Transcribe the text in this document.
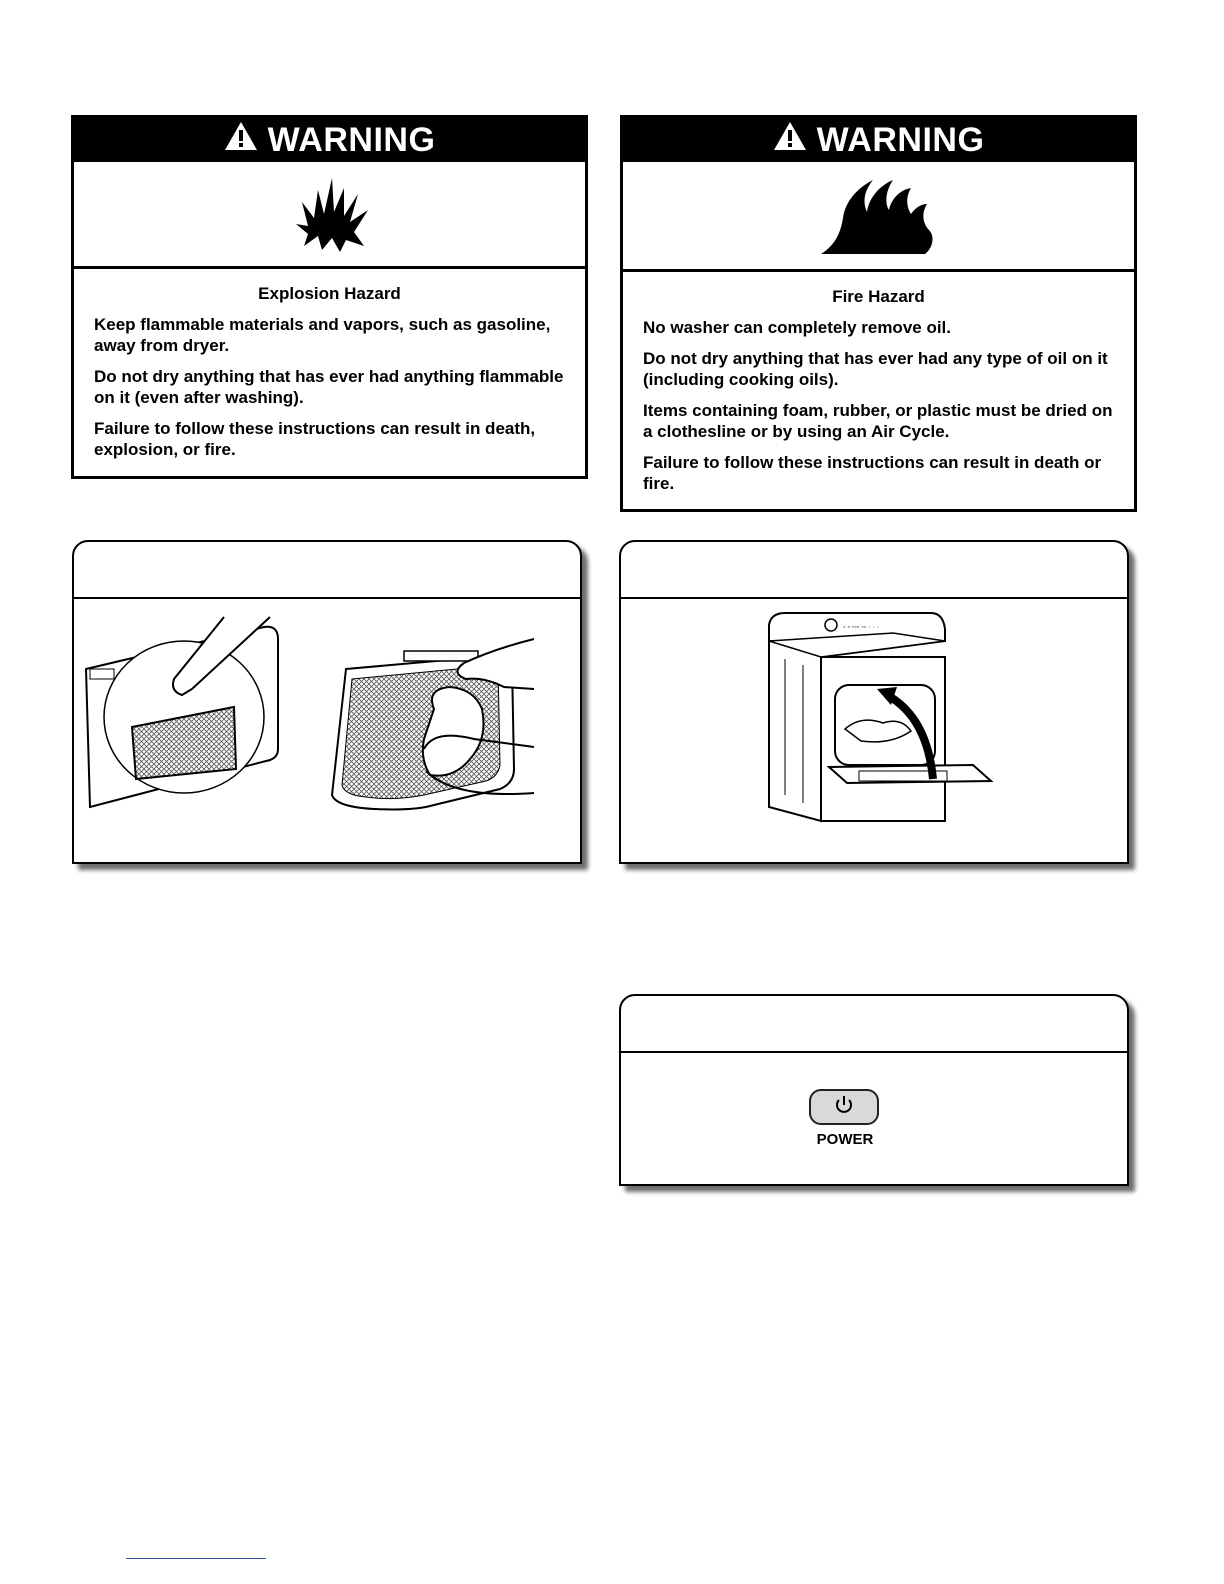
WARNING
Explosion Hazard

Keep flammable materials and vapors, such as gasoline, away from dryer.

Do not dry anything that has ever had anything flammable on it (even after washing).

Failure to follow these instructions can result in death, explosion, or fire.

WARNING
Fire Hazard

No washer can completely remove oil.

Do not dry anything that has ever had any type of oil on it (including cooking oils).

Items containing foam, rubber, or plastic must be dried on a clothesline or by using an Air Cycle.

Failure to follow these instructions can result in death or fire.

◦ ◦ ◦◦◦ ◦◦ · · ·
POWER
